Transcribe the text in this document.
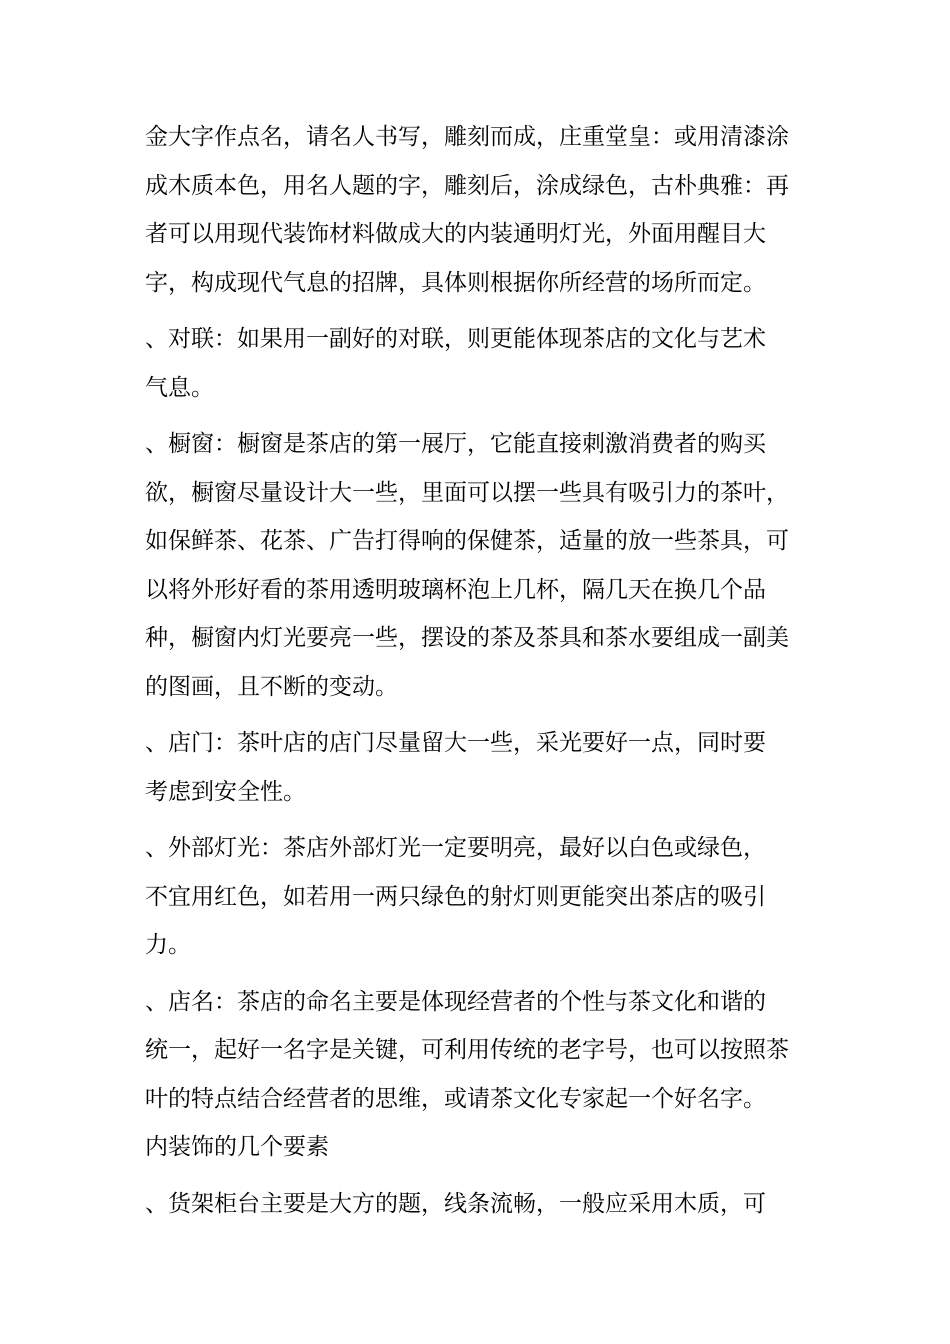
金大字作点名，请名人书写，雕刻而成，庄重堂皇：或用清漆涂
成木质本色，用名人题的字，雕刻后，涂成绿色，古朴典雅：再
者可以用现代装饰材料做成大的内装通明灯光，外面用醒目大
字，构成现代气息的招牌，具体则根据你所经营的场所而定。
、对联：如果用一副好的对联，则更能体现茶店的文化与艺术
气息。
、橱窗：橱窗是茶店的第一展厅，它能直接刺激消费者的购买
欲，橱窗尽量设计大一些，里面可以摆一些具有吸引力的茶叶，
如保鲜茶、花茶、广告打得响的保健茶，适量的放一些茶具，可
以将外形好看的茶用透明玻璃杯泡上几杯，隔几天在换几个品
种，橱窗内灯光要亮一些，摆设的茶及茶具和茶水要组成一副美
的图画，且不断的变动。
、店门：茶叶店的店门尽量留大一些，采光要好一点，同时要
考虑到安全性。
、外部灯光：茶店外部灯光一定要明亮，最好以白色或绿色，
不宜用红色，如若用一两只绿色的射灯则更能突出茶店的吸引
力。
、店名：茶店的命名主要是体现经营者的个性与茶文化和谐的
统一，起好一名字是关键，可利用传统的老字号，也可以按照茶
叶的特点结合经营者的思维，或请茶文化专家起一个好名字。
内装饰的几个要素
、货架柜台主要是大方的题，线条流畅，一般应采用木质，可
